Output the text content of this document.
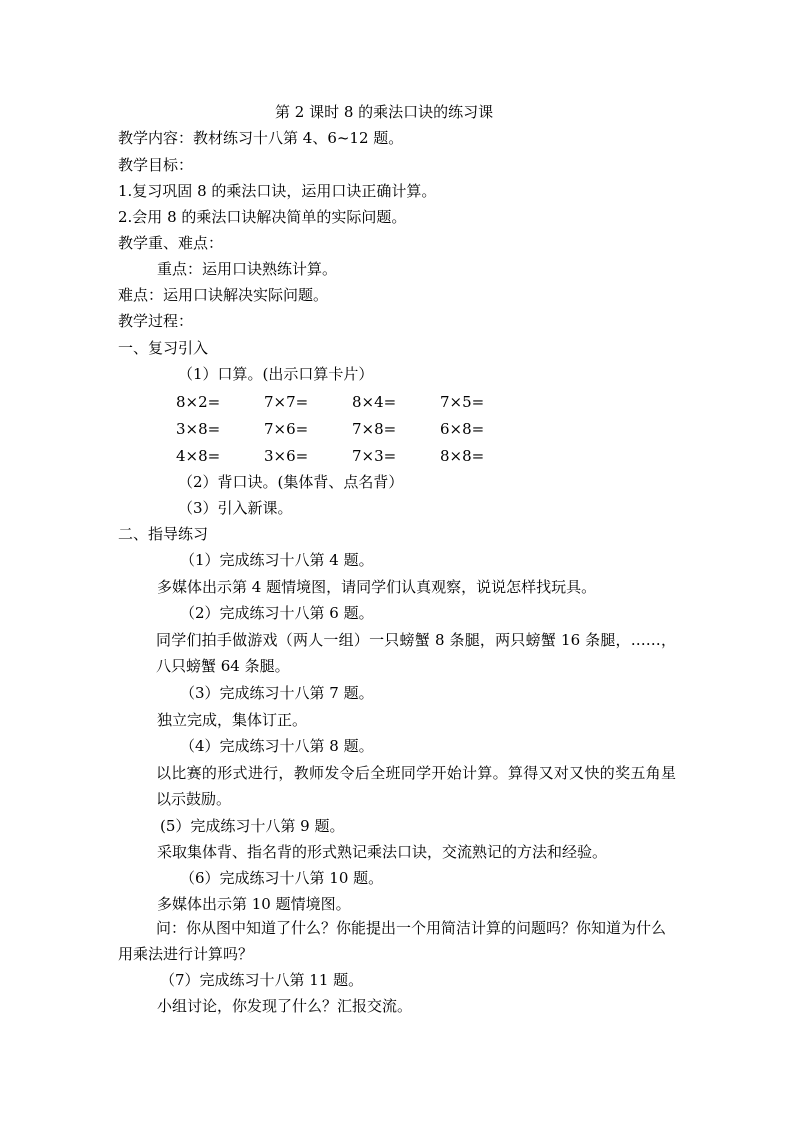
第 2 课时 8 的乘法口诀的练习课
教学内容：教材练习十八第 4、6~12 题。
教学目标：
1.复习巩固 8 的乘法口诀，运用口诀正确计算。
2.会用 8 的乘法口诀解决简单的实际问题。
教学重、难点：
重点：运用口诀熟练计算。
难点：运用口诀解决实际问题。
教学过程：
一、复习引入
（1）口算。(出示口算卡片）
8×2=	7×7=	8×4=	7×5=
3×8=	7×6=	7×8=	6×8=
4×8=	3×6=	7×3=	8×8=
（2）背口诀。(集体背、点名背）
（3）引入新课。
二、指导练习
（1）完成练习十八第 4 题。
多媒体出示第 4 题情境图，请同学们认真观察，说说怎样找玩具。
（2）完成练习十八第 6 题。
同学们拍手做游戏（两人一组）一只螃蟹 8 条腿，两只螃蟹 16 条腿，……，八只螃蟹 64 条腿。
（3）完成练习十八第 7 题。
独立完成，集体订正。
（4）完成练习十八第 8 题。
以比赛的形式进行，教师发令后全班同学开始计算。算得又对又快的奖五角星以示鼓励。
(5）完成练习十八第 9 题。
采取集体背、指名背的形式熟记乘法口诀，交流熟记的方法和经验。
（6）完成练习十八第 10 题。
多媒体出示第 10 题情境图。
问：你从图中知道了什么？你能提出一个用简洁计算的问题吗？你知道为什么用乘法进行计算吗？
（7）完成练习十八第 11 题。
小组讨论，你发现了什么？汇报交流。
